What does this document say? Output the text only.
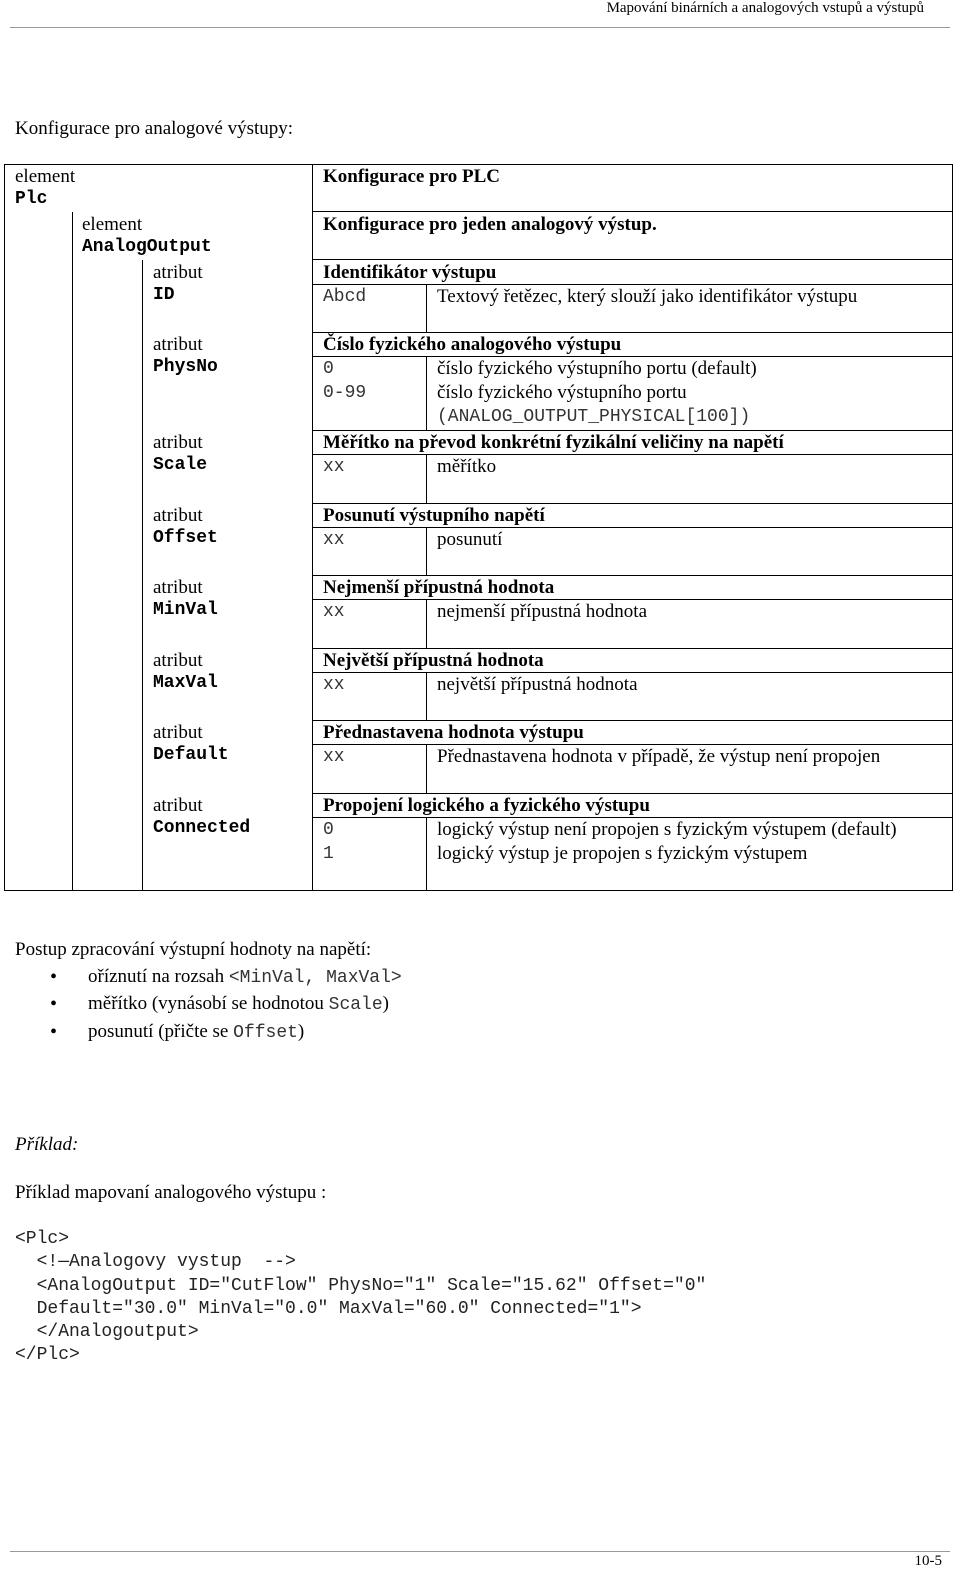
Mapování binárních a analogových vstupů a výstupů
Konfigurace pro analogové výstupy:
element
Plc
Konfigurace pro PLC
element
AnalogOutput
Konfigurace pro jeden analogový výstup.
atribut
ID
Identifikátor výstupu
Abcd	Textový řetězec, který slouží jako identifikátor výstupu
atribut
PhysNo
Číslo fyzického analogového výstupu
0	číslo fyzického výstupního portu (default)
0-99	číslo fyzického výstupního portu
(ANALOG_OUTPUT_PHYSICAL[100])
atribut
Scale
Měřítko na převod konkrétní fyzikální veličiny na napětí
xx	měřítko
atribut
Offset
Posunutí výstupního napětí
xx	posunutí
atribut
MinVal
Nejmenší přípustná hodnota
xx	nejmenší přípustná hodnota
atribut
MaxVal
Největší přípustná hodnota
xx	největší přípustná hodnota
atribut
Default
Přednastavena hodnota výstupu
xx	Přednastavena hodnota v případě, že výstup není propojen
atribut
Connected
Propojení logického a fyzického výstupu
0	logický výstup není propojen s fyzickým výstupem (default)
1	logický výstup je propojen s fyzickým výstupem
Postup zpracování výstupní hodnoty na napětí:
• oříznutí na rozsah <MinVal, MaxVal>
• měřítko (vynásobí se hodnotou Scale)
• posunutí (přičte se Offset)
Příklad:
Příklad mapovaní analogového výstupu :
<Plc>
<!—Analogovy vystup  -->
<AnalogOutput ID="CutFlow" PhysNo="1" Scale="15.62" Offset="0"
Default="30.0" MinVal="0.0" MaxVal="60.0" Connected="1">
</Analogoutput>
</Plc>
10-5
